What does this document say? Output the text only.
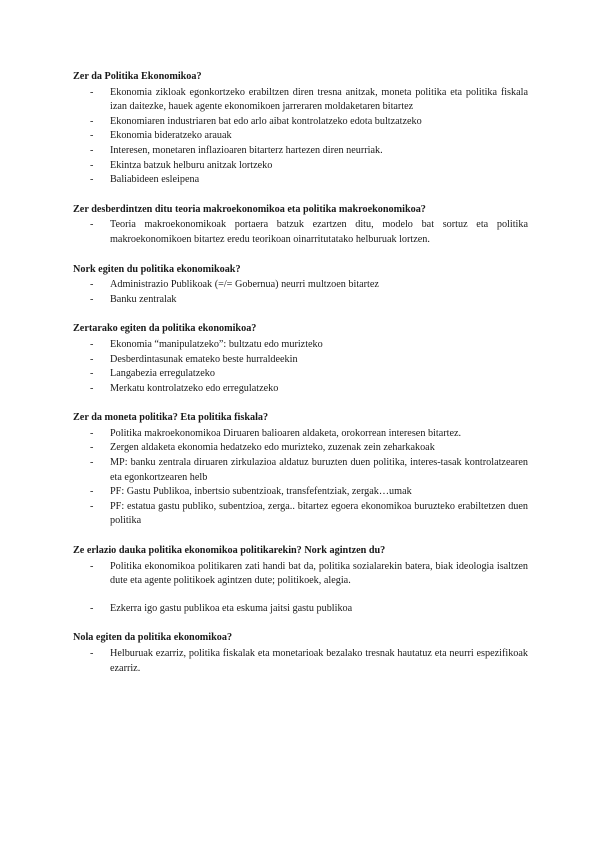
Zer da Politika Ekonomikoa?
- Ekonomia zikloak egonkortzeko erabiltzen diren tresna anitzak, moneta politika eta politika fiskala izan daitezke, hauek agente ekonomikoen jarreraren moldaketaren bitartez
- Ekonomiaren industriaren bat edo arlo aibat kontrolatzeko edota bultzatzeko
- Ekonomia bideratzeko arauak
- Interesen, monetaren inflazioaren bitarterz hartezen diren neurriak.
- Ekintza batzuk helburu anitzak lortzeko
- Baliabideen esleipena
Zer desberdintzen ditu teoria makroekonomikoa eta politika makroekonomikoa?
- Teoria makroekonomikoak portaera batzuk ezartzen ditu, modelo bat sortuz eta politika makroekonomikoen bitartez eredu teorikoan oinarritutatako helburuak lortzen.
Nork egiten du politika ekonomikoak?
- Administrazio Publikoak (=/= Gobernua) neurri multzoen bitartez
- Banku zentralak
Zertarako egiten da politika ekonomikoa?
- Ekonomia “manipulatzeko”: bultzatu edo murizteko
- Desberdintasunak emateko beste hurraldeekin
- Langabezia erregulatzeko
- Merkatu kontrolatzeko edo erregulatzeko
Zer da moneta politika? Eta politika fiskala?
- Politika makroekonomikoa Diruaren balioaren aldaketa, orokorrean interesen bitartez.
- Zergen aldaketa ekonomia hedatzeko edo murizteko, zuzenak zein zeharkakoak
- MP: banku zentrala diruaren zirkulazioa aldatuz buruzten duen politika, interes-tasak kontrolatzearen eta egonkortzearen helb
- PF: Gastu Publikoa, inbertsio subentzioak, transfefentziak, zergak…umak
- PF: estatua gastu publiko, subentzioa, zerga.. bitartez egoera ekonomikoa buruzteko erabiltetzen duen politika
Ze erlazio dauka politika ekonomikoa politikarekin? Nork agintzen du?
- Politika ekonomikoa politikaren zati handi bat da, politika sozialarekin batera, biak ideologia isaltzen dute eta agente politikoek agintzen dute; politikoek, alegia.
- Ezkerra igo gastu publikoa eta eskuma jaitsi gastu publikoa
Nola egiten da politika ekonomikoa?
- Helburuak ezarriz, politika fiskalak eta monetarioak bezalako tresnak hautatuz eta neurri espezifikoak ezarriz.
